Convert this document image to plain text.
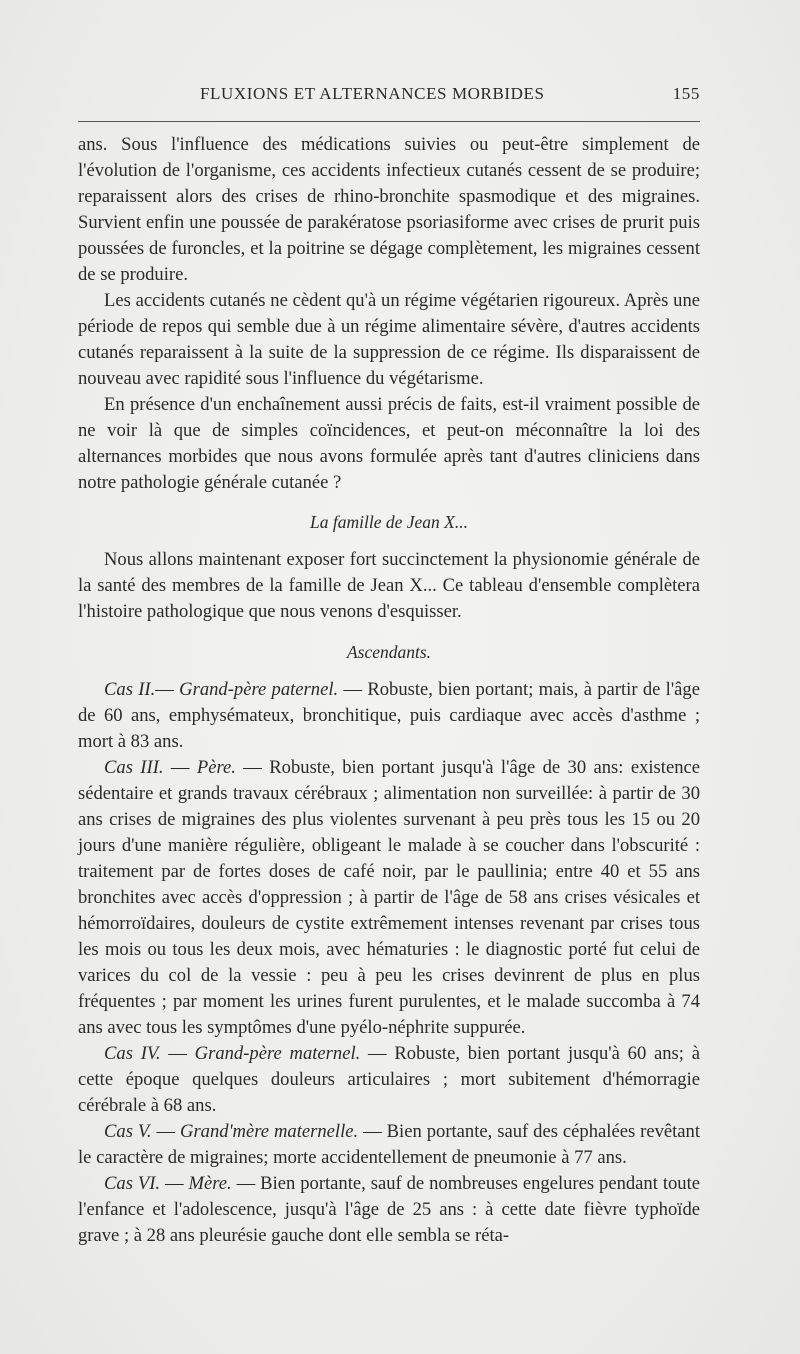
FLUXIONS ET ALTERNANCES MORBIDES	155

ans. Sous l'influence des médications suivies ou peut-être simplement de l'évolution de l'organisme, ces accidents infectieux cutanés cessent de se produire; reparaissent alors des crises de rhino-bronchite spasmodique et des migraines. Survient enfin une poussée de parakératose psoriasiforme avec crises de prurit puis poussées de furoncles, et la poitrine se dégage complètement, les migraines cessent de se produire.

Les accidents cutanés ne cèdent qu'à un régime végétarien rigoureux. Après une période de repos qui semble due à un régime alimentaire sévère, d'autres accidents cutanés reparaissent à la suite de la suppression de ce régime. Ils disparaissent de nouveau avec rapidité sous l'influence du végétarisme.

En présence d'un enchaînement aussi précis de faits, est-il vraiment possible de ne voir là que de simples coïncidences, et peut-on méconnaître la loi des alternances morbides que nous avons formulée après tant d'autres cliniciens dans notre pathologie générale cutanée ?

La famille de Jean X...

Nous allons maintenant exposer fort succinctement la physionomie générale de la santé des membres de la famille de Jean X... Ce tableau d'ensemble complètera l'histoire pathologique que nous venons d'esquisser.

Ascendants.

Cas II.— Grand-père paternel. — Robuste, bien portant; mais, à partir de l'âge de 60 ans, emphysémateux, bronchitique, puis cardiaque avec accès d'asthme ; mort à 83 ans.

Cas III. — Père. — Robuste, bien portant jusqu'à l'âge de 30 ans: existence sédentaire et grands travaux cérébraux ; alimentation non surveillée: à partir de 30 ans crises de migraines des plus violentes survenant à peu près tous les 15 ou 20 jours d'une manière régulière, obligeant le malade à se coucher dans l'obscurité : traitement par de fortes doses de café noir, par le paullinia; entre 40 et 55 ans bronchites avec accès d'oppression ; à partir de l'âge de 58 ans crises vésicales et hémorroïdaires, douleurs de cystite extrêmement intenses revenant par crises tous les mois ou tous les deux mois, avec hématuries : le diagnostic porté fut celui de varices du col de la vessie : peu à peu les crises devinrent de plus en plus fréquentes ; par moment les urines furent purulentes, et le malade succomba à 74 ans avec tous les symptômes d'une pyélo-néphrite suppurée.

Cas IV. — Grand-père maternel. — Robuste, bien portant jusqu'à 60 ans; à cette époque quelques douleurs articulaires ; mort subitement d'hémorragie cérébrale à 68 ans.

Cas V. — Grand'mère maternelle. — Bien portante, sauf des céphalées revêtant le caractère de migraines; morte accidentellement de pneumonie à 77 ans.

Cas VI. — Mère. — Bien portante, sauf de nombreuses engelures pendant toute l'enfance et l'adolescence, jusqu'à l'âge de 25 ans : à cette date fièvre typhoïde grave ; à 28 ans pleurésie gauche dont elle sembla se réta-
